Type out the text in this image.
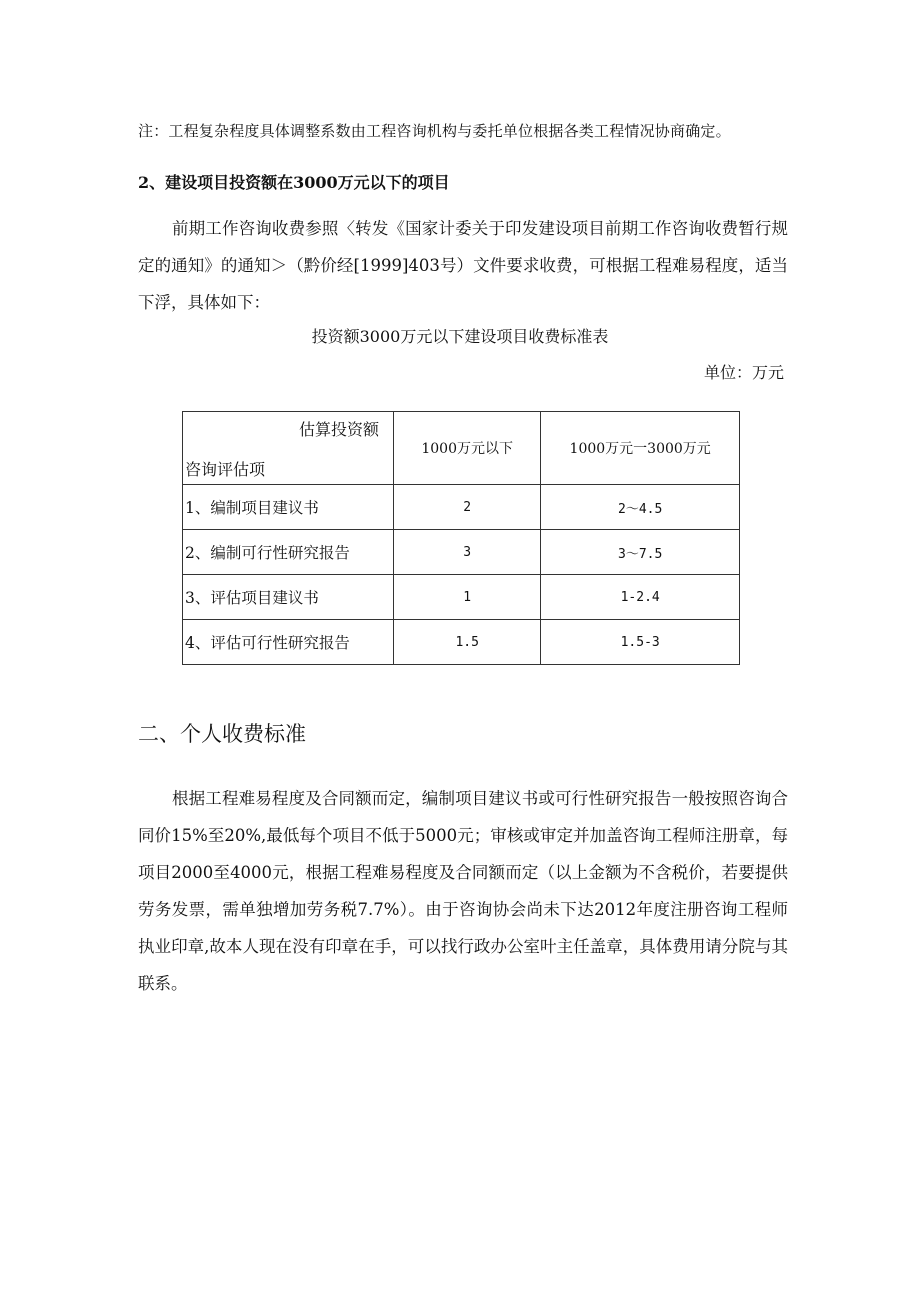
注：工程复杂程度具体调整系数由工程咨询机构与委托单位根据各类工程情况协商确定。

2、建设项目投资额在3000万元以下的项目

前期工作咨询收费参照〈转发《国家计委关于印发建设项目前期工作咨询收费暂行规定的通知》的通知＞（黔价经[1999]403号）文件要求收费，可根据工程难易程度，适当下浮，具体如下：

投资额3000万元以下建设项目收费标准表

单位：万元

估算投资额
咨询评估项	1000万元以下	1000万元一3000万元
1、编制项目建议书	2	2～4.5
2、编制可行性研究报告	3	3～7.5
3、评估项目建议书	1	1-2.4
4、评估可行性研究报告	1.5	1.5-3

二、个人收费标准

根据工程难易程度及合同额而定，编制项目建议书或可行性研究报告一般按照咨询合同价15%至20%,最低每个项目不低于5000元；审核或审定并加盖咨询工程师注册章，每项目2000至4000元，根据工程难易程度及合同额而定（以上金额为不含税价，若要提供劳务发票，需单独增加劳务税7.7%）。由于咨询协会尚未下达2012年度注册咨询工程师执业印章,故本人现在没有印章在手，可以找行政办公室叶主任盖章，具体费用请分院与其联系。
